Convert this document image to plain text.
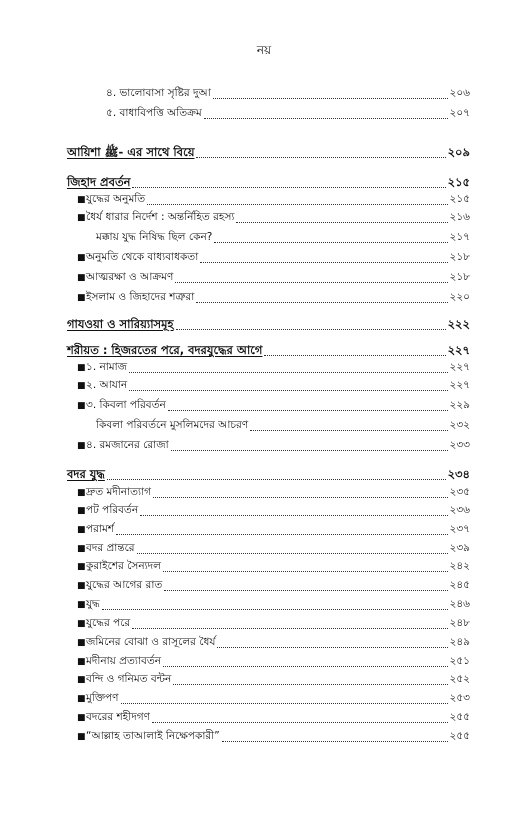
নয়
৪. ভালোবাসা সৃষ্টির দুআ	২০৬
৫. বাধাবিপত্তি অতিক্রম	২০৭
আয়িশা ﷺ- এর সাথে বিয়ে	২০৯
জিহাদ প্রবর্তন	২১৫
■ যুদ্ধের অনুমতি	২১৫
■ ধৈর্য ধারার নির্দেশ : অন্তর্নিহিত রহস্য	২১৬
মক্কায় যুদ্ধ নিষিদ্ধ ছিল কেন?	২১৭
■ অনুমতি থেকে বাধ্যবাধকতা	২১৮
■ আত্মরক্ষা ও আক্রমণ	২১৮
■ ইসলাম ও জিহাদের শত্রুরা	২২০
গাযওয়া ও সারিয়্যাসমূহ	২২২
শরীয়ত : হিজরতের পরে, বদরযুদ্ধের আগে	২২৭
■ ১. নামাজ	২২৭
■ ২. আযান	২২৭
■ ৩. কিবলা পরিবর্তন	২২৯
কিবলা পরিবর্তনে মুসলিমদের আচরণ	২৩২
■ ৪. রমজানের রোজা	২৩৩
বদর যুদ্ধ	২৩৪
■ দ্রুত মদীনাত্যাগ	২৩৫
■ পট পরিবর্তন	২৩৬
■ পরামর্শ	২৩৭
■ বদর প্রান্তরে	২৩৯
■ কুরাইশের সৈন্যদল	২৪২
■ যুদ্ধের আগের রাত	২৪৫
■ যুদ্ধ	২৪৬
■ যুদ্ধের পরে	২৪৮
■ জমিনের বোঝা ও রাসূলের ধৈর্য	২৪৯
■ মদীনায় প্রত্যাবর্তন	২৫১
■ বন্দি ও গনিমত বন্টন	২৫২
■ মুক্তিপণ	২৫৩
■ বদরের শহীদগণ	২৫৫
■ “আল্লাহ তাআলাই নিক্ষেপকারী”	২৫৫
